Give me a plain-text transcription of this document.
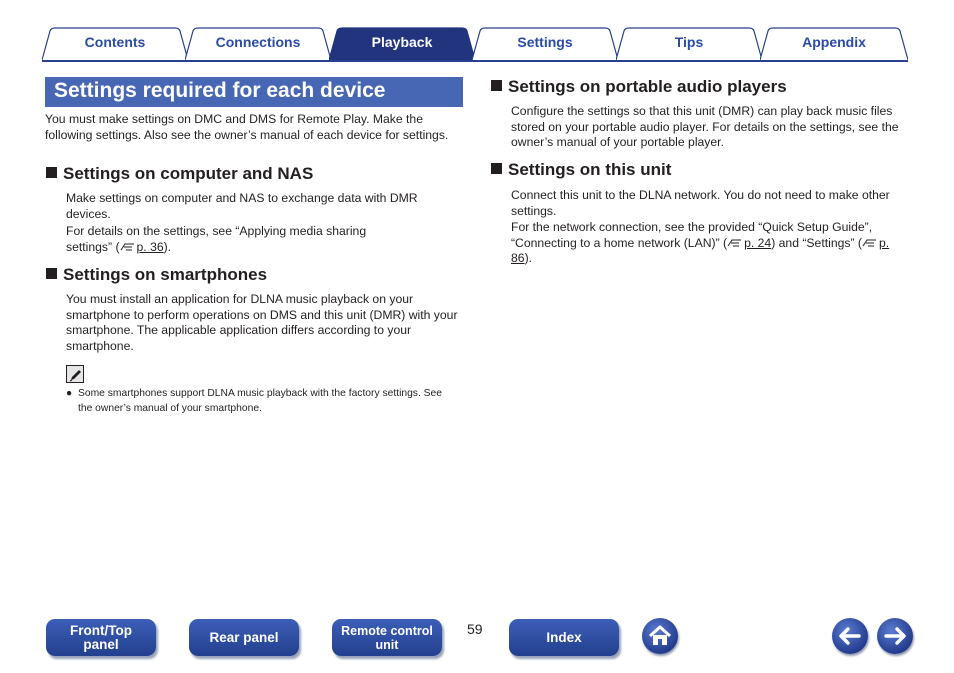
Contents	Connections	Playback	Settings	Tips	Appendix
Settings required for each device
You must make settings on DMC and DMS for Remote Play. Make the following settings. Also see the owner’s manual of each device for settings.
Settings on computer and NAS
Make settings on computer and NAS to exchange data with DMR devices.
For details on the settings, see “Applying media sharing settings” ( p. 36).
Settings on smartphones
You must install an application for DLNA music playback on your smartphone to perform operations on DMS and this unit (DMR) with your smartphone. The applicable application differs according to your smartphone.
● Some smartphones support DLNA music playback with the factory settings. See the owner’s manual of your smartphone.
Settings on portable audio players
Configure the settings so that this unit (DMR) can play back music files stored on your portable audio player. For details on the settings, see the owner’s manual of your portable player.
Settings on this unit
Connect this unit to the DLNA network. You do not need to make other settings.
For the network connection, see the provided “Quick Setup Guide”, “Connecting to a home network (LAN)” ( p. 24) and “Settings” ( p. 86).
Front/Top
panel	Rear panel	Remote control
unit
59	Index
